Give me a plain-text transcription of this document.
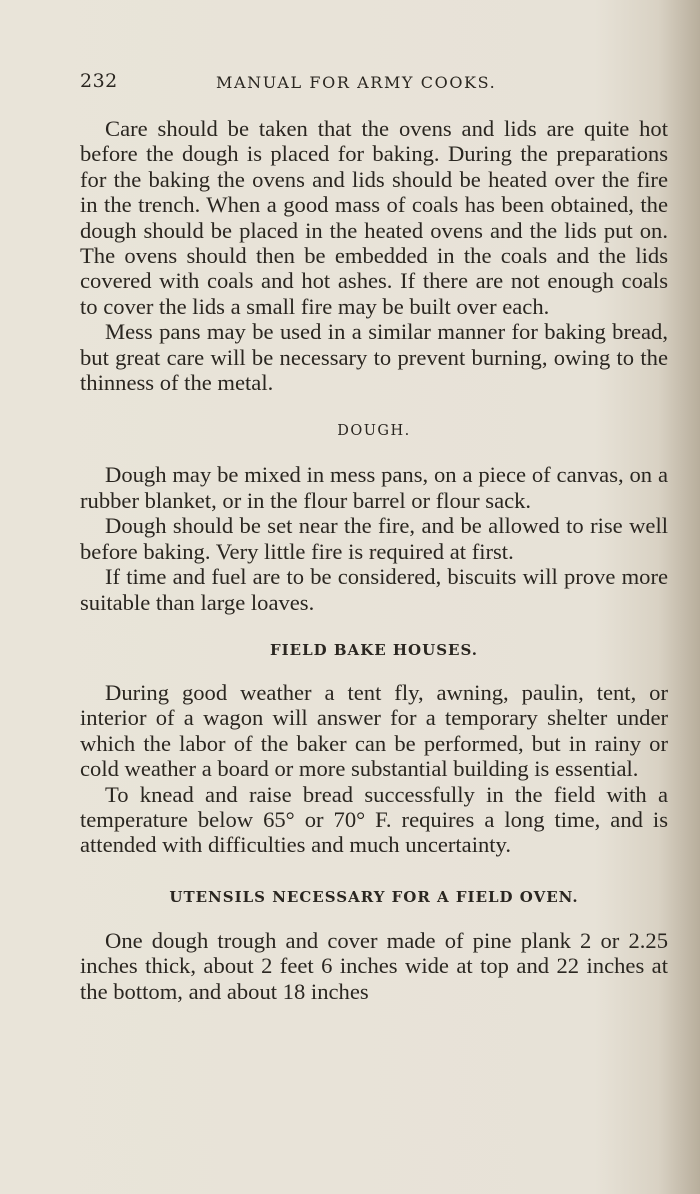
232	MANUAL FOR ARMY COOKS.

Care should be taken that the ovens and lids are quite hot before the dough is placed for baking. During the preparations for the baking the ovens and lids should be heated over the fire in the trench. When a good mass of coals has been obtained, the dough should be placed in the heated ovens and the lids put on. The ovens should then be embedded in the coals and the lids covered with coals and hot ashes. If there are not enough coals to cover the lids a small fire may be built over each.

Mess pans may be used in a similar manner for baking bread, but great care will be necessary to prevent burning, owing to the thinness of the metal.

DOUGH.

Dough may be mixed in mess pans, on a piece of canvas, on a rubber blanket, or in the flour barrel or flour sack.

Dough should be set near the fire, and be allowed to rise well before baking. Very little fire is required at first.

If time and fuel are to be considered, biscuits will prove more suitable than large loaves.

FIELD BAKE HOUSES.

During good weather a tent fly, awning, paulin, tent, or interior of a wagon will answer for a temporary shelter under which the labor of the baker can be performed, but in rainy or cold weather a board or more substantial building is essential.

To knead and raise bread successfully in the field with a temperature below 65° or 70° F. requires a long time, and is attended with difficulties and much uncertainty.

UTENSILS NECESSARY FOR A FIELD OVEN.

One dough trough and cover made of pine plank 2 or 2.25 inches thick, about 2 feet 6 inches wide at top and 22 inches at the bottom, and about 18 inches
